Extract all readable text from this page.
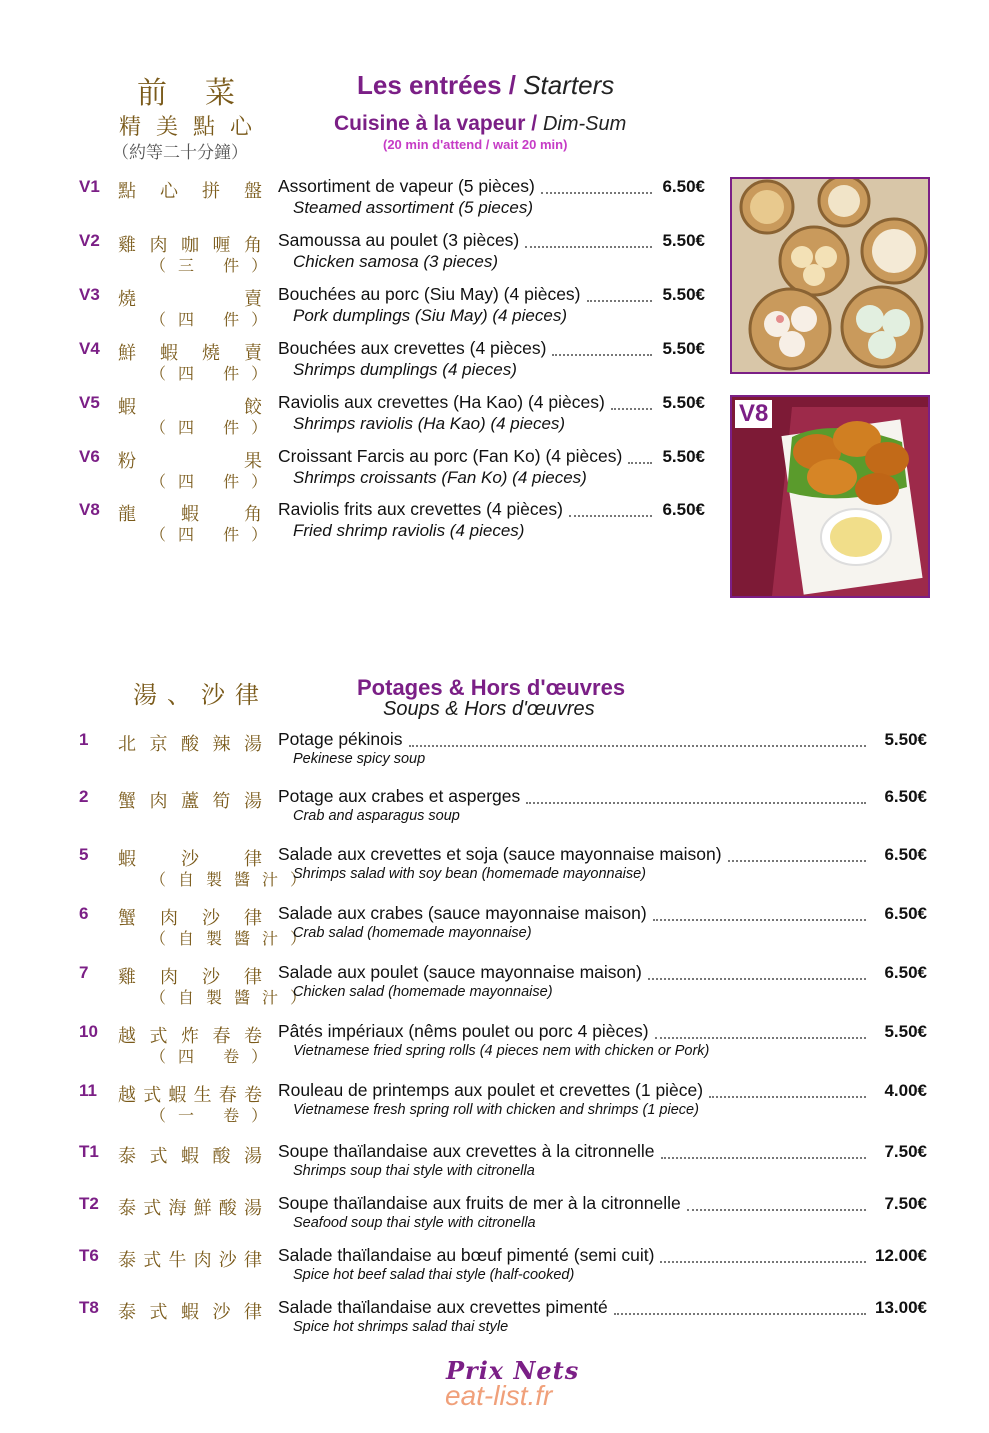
前菜	Les entrées / Starters
精美點心
（約等二十分鐘）
Cuisine à la vapeur / Dim-Sum
(20 min d'attend / wait 20 min)
V1 點 心 拼 盤 Assortiment de vapeur (5 pièces)
Steamed assortiment (5 pieces)
6.50€
V2 雞 肉 咖 喱 角
（三 件）
Samoussa au poulet (3 pièces)
Chicken samosa (3 pieces)
5.50€
V3 燒	賣
（四 件）
Bouchées au porc (Siu May) (4 pièces)
Pork dumplings (Siu May) (4 pieces)
5.50€
V4 鮮 蝦 燒 賣
（四 件）
Bouchées aux crevettes (4 pièces)
Shrimps dumplings (4 pieces)
5.50€
V5 蝦	餃
（四 件）
Raviolis aux crevettes (Ha Kao) (4 pièces)
Shrimps raviolis (Ha Kao) (4 pieces)
5.50€
V6 粉	果
（四 件）
Croissant Farcis au porc (Fan Ko) (4 pièces)
Shrimps croissants (Fan Ko) (4 pieces)
5.50€
V8 龍	蝦	角
（四 件）
Raviolis frits aux crevettes (4 pièces)
Fried shrimp raviolis (4 pieces)
6.50€
V8
湯、沙律	Potages & Hors d'œuvres
Soups & Hors d'œuvres
1 北 京 酸 辣 湯 Potage pékinois
Pekinese spicy soup
5.50€
2 蟹 肉 蘆 筍 湯 Potage aux crabes et asperges
Crab and asparagus soup
6.50€
5 蝦	沙	律
（自製醬汁）
Salade aux crevettes et soja (sauce mayonnaise maison)
Shrimps salad with soy bean (homemade mayonnaise)
6.50€
6 蟹 肉 沙 律
（自製醬汁）
Salade aux crabes (sauce mayonnaise maison)
Crab salad (homemade mayonnaise)
6.50€
7 雞 肉 沙 律
（自製醬汁）
Salade aux poulet (sauce mayonnaise maison)
Chicken salad (homemade mayonnaise)
6.50€
10 越 式 炸 春 卷
（四 卷）
Pâtés impériaux (nêms poulet ou porc 4 pièces)
Vietnamese fried spring rolls (4 pieces nem with chicken or Pork)
5.50€
11 越 式 蝦 生 春 卷
（一 卷）
Rouleau de printemps aux poulet et crevettes (1 pièce)
Vietnamese fresh spring roll with chicken and shrimps (1 piece)
4.00€
T1 泰 式 蝦 酸 湯 Soupe thaïlandaise aux crevettes à la citronnelle
Shrimps soup thai style with citronella
7.50€
T2 泰 式 海 鮮 酸 湯 Soupe thaïlandaise aux fruits de mer à la citronnelle
Seafood soup thai style with citronella
7.50€
T6 泰 式 牛 肉 沙 律 Salade thaïlandaise au bœuf pimenté (semi cuit)
Spice hot beef salad thai style (half-cooked)
12.00€
T8 泰 式 蝦 沙 律 Salade thaïlandaise aux crevettes pimenté
Spice hot shrimps salad thai style
13.00€
Prix Nets
eat-list.fr
